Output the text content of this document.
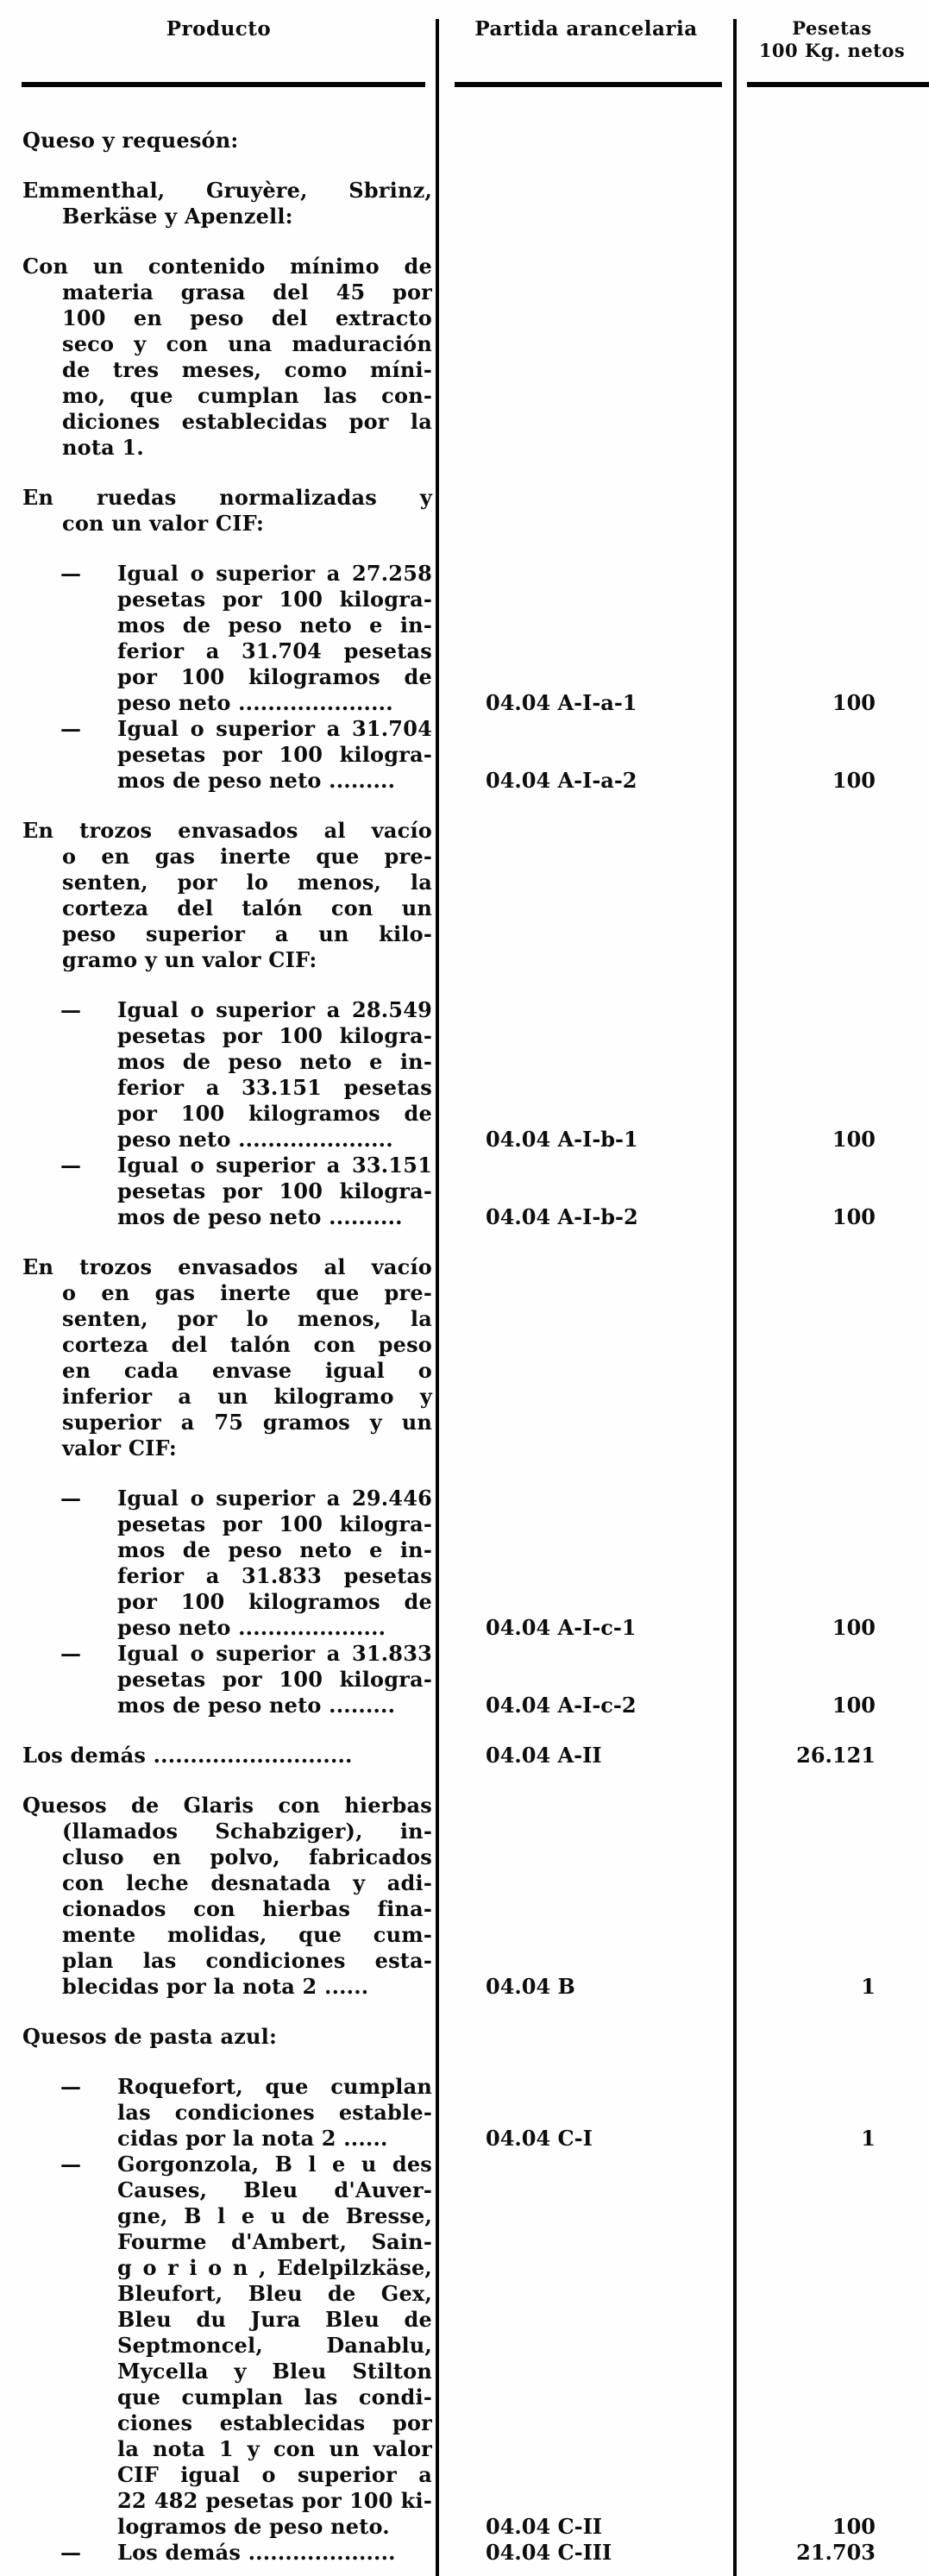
Producto	Partida arancelaria	Pesetas
100 Kg. netos
Queso y requesón:
Emmenthal, Gruyère, Sbrinz,
Berkäse y Apenzell:
Con un contenido mínimo de
materia grasa del 45 por
100 en peso del extracto
seco y con una maduración
de tres meses, como míni-
mo, que cumplan las con-
diciones establecidas por la
nota 1.
En ruedas normalizadas y
con un valor CIF:
—	Igual o superior a 27.258
pesetas por 100 kilogra-
mos de peso neto e in-
ferior a 31.704 pesetas
por 100 kilogramos de
peso neto .....................	04.04 A-I-a-1	100
—	Igual o superior a 31.704
pesetas por 100 kilogra-
mos de peso neto .........	04.04 A-I-a-2	100
En trozos envasados al vacío
o en gas inerte que pre-
senten, por lo menos, la
corteza del talón con un
peso superior a un kilo-
gramo y un valor CIF:
—	Igual o superior a 28.549
pesetas por 100 kilogra-
mos de peso neto e in-
ferior a 33.151 pesetas
por 100 kilogramos de
peso neto .....................	04.04 A-I-b-1	100
—	Igual o superior a 33.151
pesetas por 100 kilogra-
mos de peso neto ..........	04.04 A-I-b-2	100
En trozos envasados al vacío
o en gas inerte que pre-
senten, por lo menos, la
corteza del talón con peso
en cada envase igual o
inferior a un kilogramo y
superior a 75 gramos y un
valor CIF:
—	Igual o superior a 29.446
pesetas por 100 kilogra-
mos de peso neto e in-
ferior a 31.833 pesetas
por 100 kilogramos de
peso neto ....................	04.04 A-I-c-1	100
—	Igual o superior a 31.833
pesetas por 100 kilogra-
mos de peso neto .........	04.04 A-I-c-2	100
Los demás ...........................	04.04 A-II	26.121
Quesos de Glaris con hierbas
(llamados Schabziger), in-
cluso en polvo, fabricados
con leche desnatada y adi-
cionados con hierbas fina-
mente molidas, que cum-
plan las condiciones esta-
blecidas por la nota 2 ......	04.04 B	1
Quesos de pasta azul:
—	Roquefort, que cumplan
las condiciones estable-
cidas por la nota 2 ......	04.04 C-I	1
—	Gorgonzola, B l e u des
Causes, Bleu d'Auver-
gne, B l e u de Bresse,
Fourme d'Ambert, Sain-
g o r i o n , Edelpilzkäse,
Bleufort, Bleu de Gex,
Bleu du Jura Bleu de
Septmoncel, Danablu,
Mycella y Bleu Stilton
que cumplan las condi-
ciones establecidas por
la nota 1 y con un valor
CIF igual o superior a
22 482 pesetas por 100 ki-
logramos de peso neto.	04.04 C-II	100
—	Los demás ....................	04.04 C-III	21.703
